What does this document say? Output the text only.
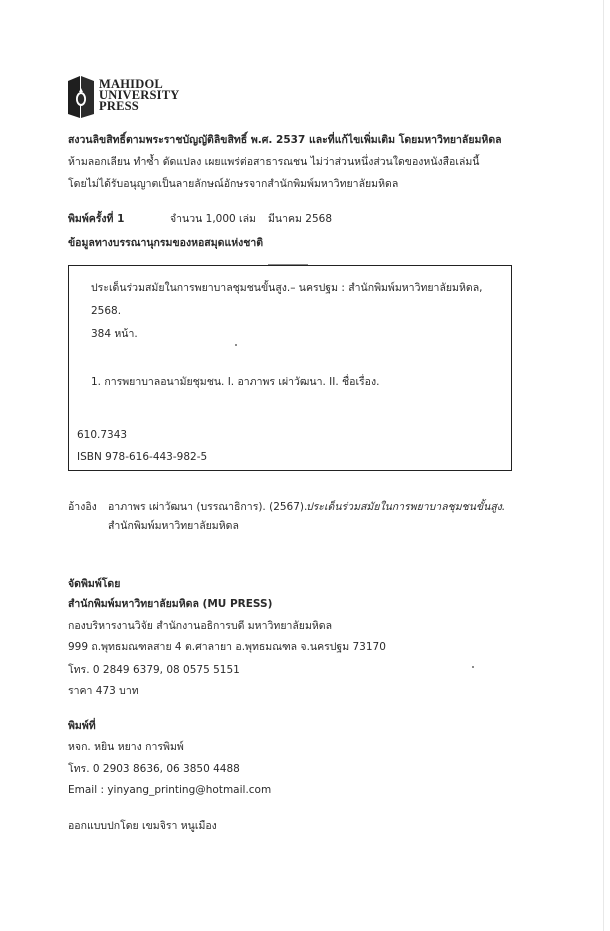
MAHIDOL
UNIVERSITY
PRESS
สงวนลิขสิทธิ์ตามพระราชบัญญัติลิขสิทธิ์ พ.ศ. 2537 และที่แก้ไขเพิ่มเติม โดยมหาวิทยาลัยมหิดล
ห้ามลอกเลียน ทำซ้ำ ดัดแปลง เผยแพร่ต่อสาธารณชน ไม่ว่าส่วนหนึ่งส่วนใดของหนังสือเล่มนี้
โดยไม่ได้รับอนุญาตเป็นลายลักษณ์อักษรจากสำนักพิมพ์มหาวิทยาลัยมหิดล
พิมพ์ครั้งที่ 1	จำนวน 1,000 เล่ม มีนาคม 2568
ข้อมูลทางบรรณานุกรมของหอสมุดแห่งชาติ
ประเด็นร่วมสมัยในการพยาบาลชุมชนขั้นสูง.– นครปฐม : สำนักพิมพ์มหาวิทยาลัยมหิดล,
2568.
384 หน้า.
1. การพยาบาลอนามัยชุมชน. I. อาภาพร เผ่าวัฒนา. II. ชื่อเรื่อง.
610.7343
ISBN 978-616-443-982-5
อ้างอิง อาภาพร เผ่าวัฒนา (บรรณาธิการ). (2567).
ประเด็นร่วมสมัยในการพยาบาลชุมชนขั้นสูง.
สำนักพิมพ์มหาวิทยาลัยมหิดล
จัดพิมพ์โดย
สำนักพิมพ์มหาวิทยาลัยมหิดล (MU PRESS)
กองบริหารงานวิจัย สำนักงานอธิการบดี มหาวิทยาลัยมหิดล
999 ถ.พุทธมณฑลสาย 4 ต.ศาลายา อ.พุทธมณฑล จ.นครปฐม 73170
โทร. 0 2849 6379, 08 0575 5151
ราคา 473 บาท
พิมพ์ที่
หจก. หยิน หยาง การพิมพ์
โทร. 0 2903 8636, 06 3850 4488
Email : yinyang_printing@hotmail.com
ออกแบบปกโดย เขมจิรา หนูเมือง
